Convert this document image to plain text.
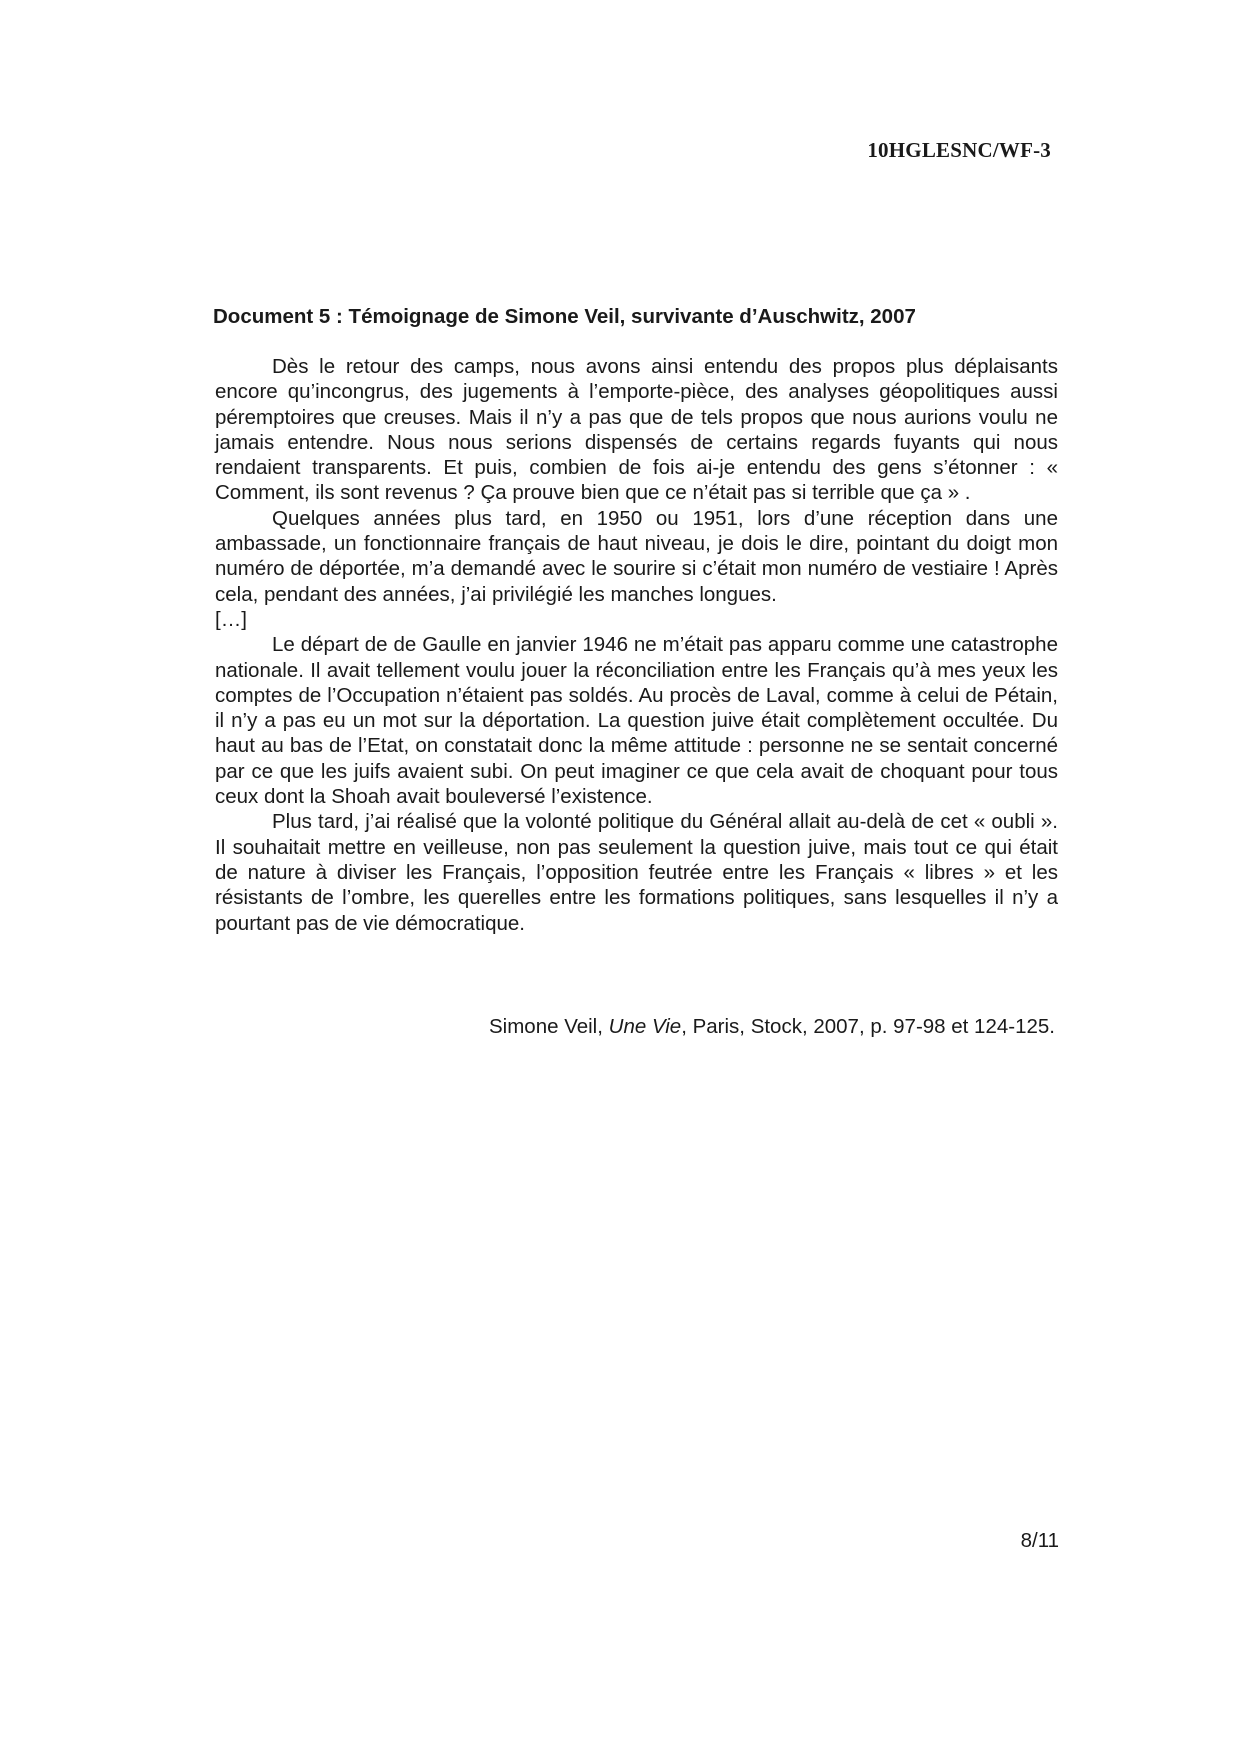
10HGLESNC/WF-3
Document 5 : Témoignage de Simone Veil, survivante d’Auschwitz, 2007

Dès le retour des camps, nous avons ainsi entendu des propos plus déplaisants encore qu’incongrus, des jugements à l’emporte-pièce, des analyses géopolitiques aussi péremptoires que creuses. Mais il n’y a pas que de tels propos que nous aurions voulu ne jamais entendre. Nous nous serions dispensés de certains regards fuyants qui nous rendaient transparents. Et puis, combien de fois ai-je entendu des gens s’étonner : « Comment, ils sont revenus ? Ça prouve bien que ce n’était pas si terrible que ça » .

Quelques années plus tard, en 1950 ou 1951, lors d’une réception dans une ambassade, un fonctionnaire français de haut niveau, je dois le dire, pointant du doigt mon numéro de déportée, m’a demandé avec le sourire si c’était mon numéro de vestiaire ! Après cela, pendant des années, j’ai privilégié les manches longues.

[…]

Le départ de de Gaulle en janvier 1946 ne m’était pas apparu comme une catastrophe nationale. Il avait tellement voulu jouer la réconciliation entre les Français qu’à mes yeux les comptes de l’Occupation n’étaient pas soldés. Au procès de Laval, comme à celui de Pétain, il n’y a pas eu un mot sur la déportation. La question juive était complètement occultée. Du haut au bas de l’Etat, on constatait donc la même attitude : personne ne se sentait concerné par ce que les juifs avaient subi. On peut imaginer ce que cela avait de choquant pour tous ceux dont la Shoah avait bouleversé l’existence.

Plus tard, j’ai réalisé que la volonté politique du Général allait au-delà de cet « oubli ». Il souhaitait mettre en veilleuse, non pas seulement la question juive, mais tout ce qui était de nature à diviser les Français, l’opposition feutrée entre les Français « libres » et les résistants de l’ombre, les querelles entre les formations politiques, sans lesquelles il n’y a pourtant pas de vie démocratique.

Simone Veil, Une Vie, Paris, Stock, 2007, p. 97-98 et 124-125.
8/11
